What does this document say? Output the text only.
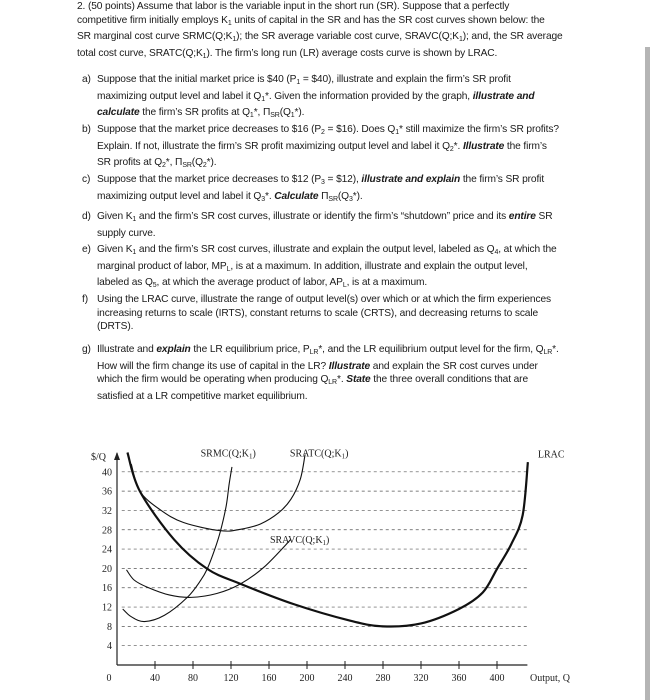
2. (50 points) Assume that labor is the variable input in the short run (SR). Suppose that a perfectly
competitive firm initially employs $K_1$ units of capital in the SR and has the SR cost curves shown below: the
SR marginal cost curve $SRMC(Q;K_1)$; the SR average variable cost curve, $SRAVC(Q;K_1)$; and, the SR average
total cost curve, $SRATC(Q;K_1)$. The firm’s long run (LR) average costs curve is shown by LRAC.
a) Suppose that the initial market price is $40 ($P_1$ = $40), illustrate and explain the firm’s SR profit
maximizing output level and label it $Q_1*$. Given the information provided by the graph, illustrate and
calculate the firm’s SR profits at $Q_1*$, $\Pi_{SR}(Q_1*)$.
b) Suppose that the market price decreases to $16 ($P_2$ = $16). Does $Q_1*$ still maximize the firm’s SR profits?
Explain. If not, illustrate the firm’s SR profit maximizing output level and label it $Q_2*$. Illustrate the firm’s
SR profits at $Q_2*$, $\Pi_{SR}(Q_2*)$.
c) Suppose that the market price decreases to $12 ($P_3$ = $12), illustrate and explain the firm’s SR profit
maximizing output level and label it $Q_3*$. Calculate $\Pi_{SR}(Q_3*)$.
d) Given $K_1$ and the firm’s SR cost curves, illustrate or identify the firm’s “shutdown” price and its entire SR
supply curve.
e) Given $K_1$ and the firm’s SR cost curves, illustrate and explain the output level, labeled as $Q_4$, at which the
marginal product of labor, $MP_L$, is at a maximum. In addition, illustrate and explain the output level,
labeled as $Q_5$, at which the average product of labor, $AP_L$, is at a maximum.
f) Using the LRAC curve, illustrate the range of output level(s) over which or at which the firm experiences
increasing returns to scale (IRTS), constant returns to scale (CRTS), and decreasing returns to scale
(DRTS).
g) Illustrate and explain the LR equilibrium price, $P_{LR}*$, and the LR equilibrium output level for the firm, $Q_{LR}*$.
How will the firm change its use of capital in the LR? Illustrate and explain the SR cost curves under
which the firm would be operating when producing $Q_{LR}*$. State the three overall conditions that are
satisfied at a LR competitive market equilibrium.
4
8
12
16
20
24
28
32
36
40
40	80	120 160 200 240 280 320 360 400
0
$/Q
Output, Q
LRAC
$SRATC(Q;K_1)$
$SRAVC(Q;K_1)$
$SRMC(Q;K_1)$
